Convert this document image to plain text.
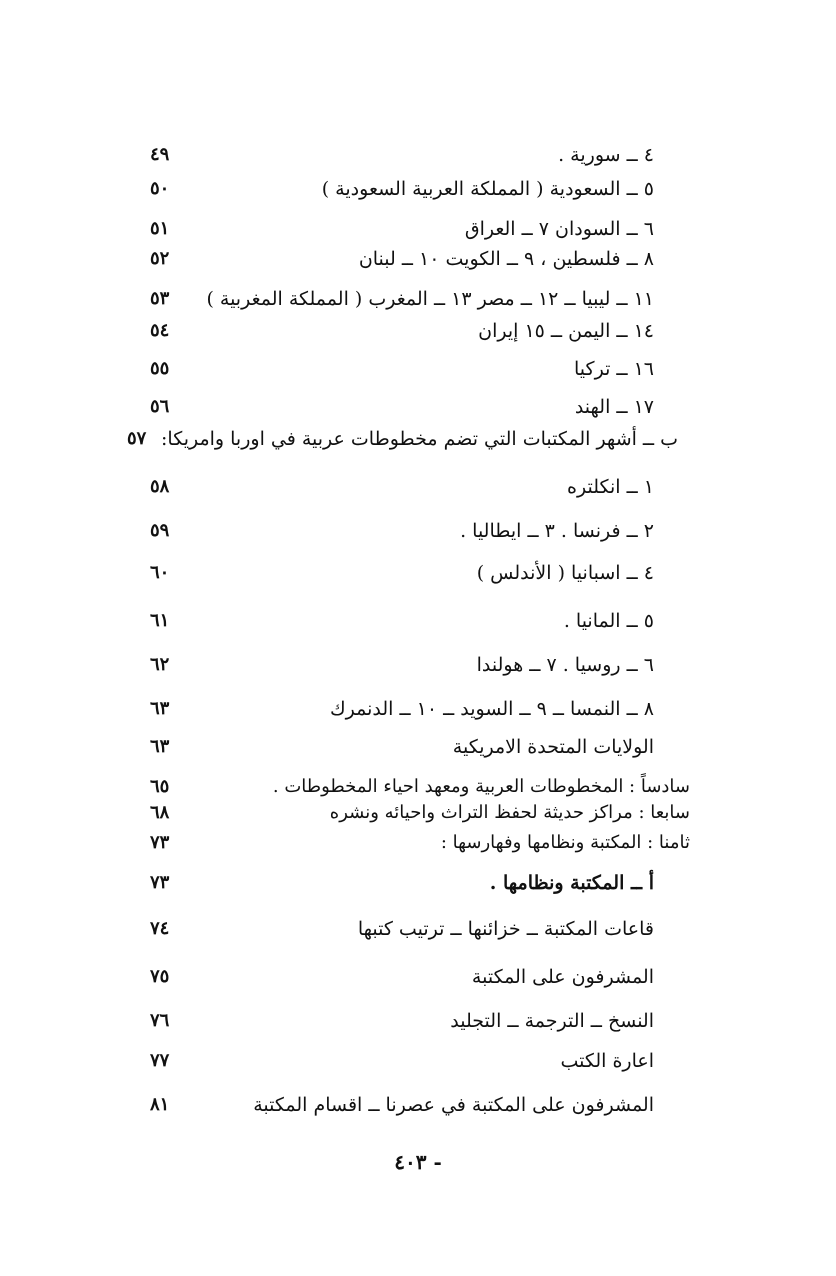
٤ ــ سورية .
٤٩
٥ ــ السعودية ( المملكة العربية السعودية )
٥٠
٦ ــ السودان ٧ ــ العراق
٥١
٨ ــ فلسطين ، ٩ ــ الكويت ١٠ ــ لبنان
٥٢
١١ ــ ليبيا ــ ١٢ ــ مصر ١٣ ــ المغرب ( المملكة المغربية )
٥٣
١٤ ــ اليمن ــ ١٥ إيران
٥٤
١٦ ــ تركيا
٥٥
١٧ ــ الهند
٥٦
ب ــ أشهر المكتبات التي تضم مخطوطات عربية في اوربا وامريكا:
٥٧
١ ــ انكلتره
٥٨
٢ ــ فرنسا . ٣ ــ ايطاليا .
٥٩
٤ ــ اسبانيا ( الأندلس )
٦٠
٥ ــ المانيا .
٦١
٦ ــ روسيا . ٧ ــ هولندا
٦٢
٨ ــ النمسا ــ ٩ ــ السويد ــ ١٠ ــ الدنمرك
٦٣
الولايات المتحدة الامريكية
٦٣
سادساً : المخطوطات العربية ومعهد احياء المخطوطات .
٦٥
سابعا : مراكز حديثة لحفظ التراث واحيائه ونشره
٦٨
ثامنا : المكتبة ونظامها وفهارسها :
٧٣
أ ــ المكتبة ونظامها .
٧٣
قاعات المكتبة ــ خزائنها ــ ترتيب كتبها
٧٤
المشرفون على المكتبة
٧٥
النسخ ــ الترجمة ــ التجليد
٧٦
اعارة الكتب
٧٧
المشرفون على المكتبة في عصرنا ــ اقسام المكتبة
٨١
- ٤٠٣
